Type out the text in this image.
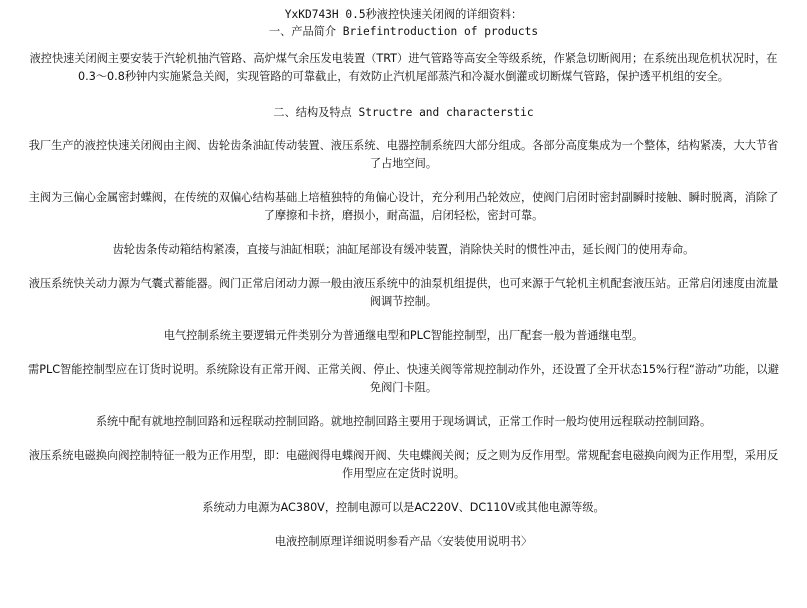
YxKD743H 0.5秒液控快速关闭阀的详细资料：

一、产品简介 Briefintroduction of products

液控快速关闭阀主要安装于汽轮机抽汽管路、高炉煤气余压发电装置（TRT）进气管路等高安全等级系统，作紧急切断阀用；在系统出现危机状况时，在0.3～0.8秒钟内实施紧急关阀，实现管路的可靠截止，有效防止汽机尾部蒸汽和冷凝水倒灌或切断煤气管路，保护透平机组的安全。

二、结构及特点 Structre and characterstic

我厂生产的液控快速关闭阀由主阀、齿轮齿条油缸传动装置、液压系统、电器控制系统四大部分组成。各部分高度集成为一个整体，结构紧凑，大大节省了占地空间。

主阀为三偏心金属密封蝶阀，在传统的双偏心结构基础上培植独特的角偏心设计，充分利用凸轮效应，使阀门启闭时密封副瞬时接触、瞬时脱离，消除了了摩擦和卡挤，磨损小，耐高温，启闭轻松，密封可靠。

齿轮齿条传动箱结构紧凑，直接与油缸相联；油缸尾部设有缓冲装置，消除快关时的惯性冲击，延长阀门的使用寿命。

液压系统快关动力源为气囊式蓄能器。阀门正常启闭动力源一般由液压系统中的油泵机组提供，也可来源于气轮机主机配套液压站。正常启闭速度由流量阀调节控制。

电气控制系统主要逻辑元件类别分为普通继电型和PLC智能控制型，出厂配套一般为普通继电型。

需PLC智能控制型应在订货时说明。系统除设有正常开阀、正常关阀、停止、快速关阀等常规控制动作外，还设置了全开状态15%行程“游动”功能，以避免阀门卡阻。

系统中配有就地控制回路和远程联动控制回路。就地控制回路主要用于现场调试，正常工作时一般均使用远程联动控制回路。

液压系统电磁换向阀控制特征一般为正作用型，即：电磁阀得电蝶阀开阀、失电蝶阀关阀；反之则为反作用型。常规配套电磁换向阀为正作用型，采用反作用型应在定货时说明。

系统动力电源为AC380V，控制电源可以是AC220V、DC110V或其他电源等级。

电液控制原理详细说明参看产品〈安装使用说明书〉
